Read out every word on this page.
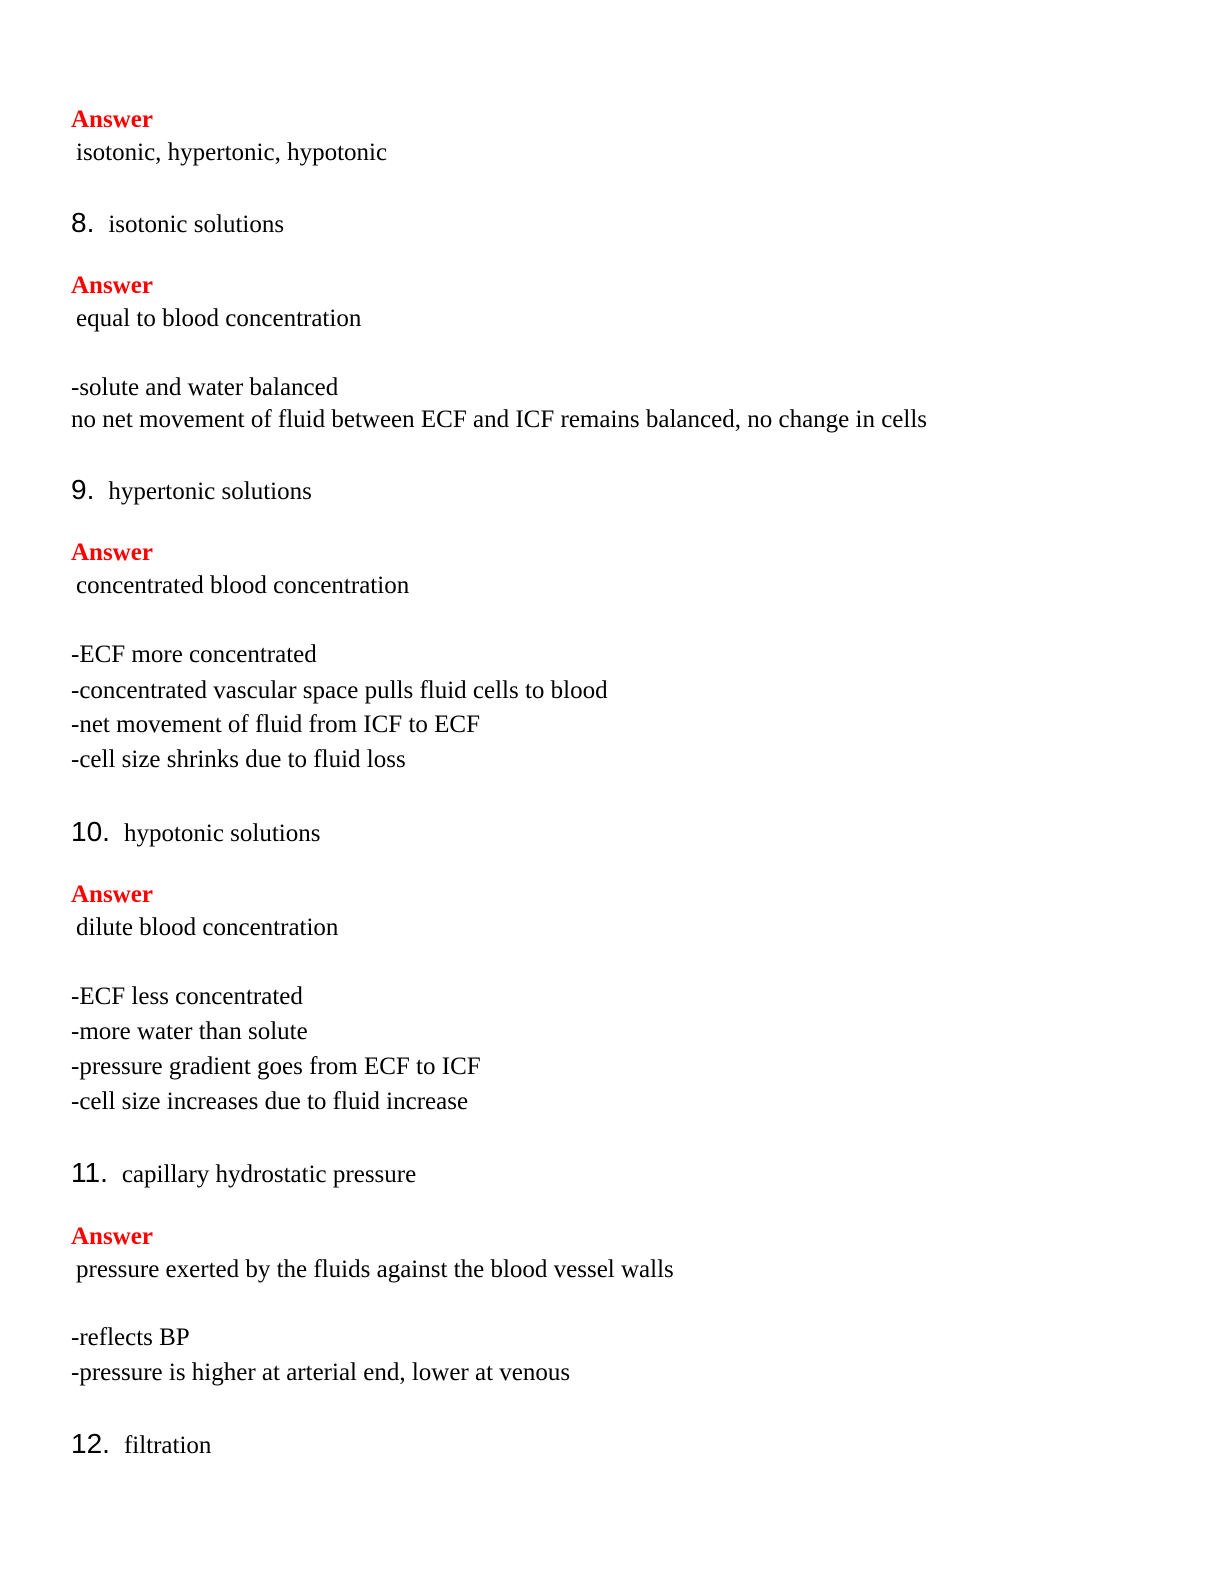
Answer
isotonic, hypertonic, hypotonic
8. isotonic solutions
Answer
equal to blood concentration
-solute and water balanced
no net movement of fluid between ECF and ICF remains balanced, no change in cells
9. hypertonic solutions
Answer
concentrated blood concentration
-ECF more concentrated
-concentrated vascular space pulls fluid cells to blood
-net movement of fluid from ICF to ECF
-cell size shrinks due to fluid loss
10. hypotonic solutions
Answer
dilute blood concentration
-ECF less concentrated
-more water than solute
-pressure gradient goes from ECF to ICF
-cell size increases due to fluid increase
11. capillary hydrostatic pressure
Answer
pressure exerted by the fluids against the blood vessel walls
-reflects BP
-pressure is higher at arterial end, lower at venous
12. filtration
